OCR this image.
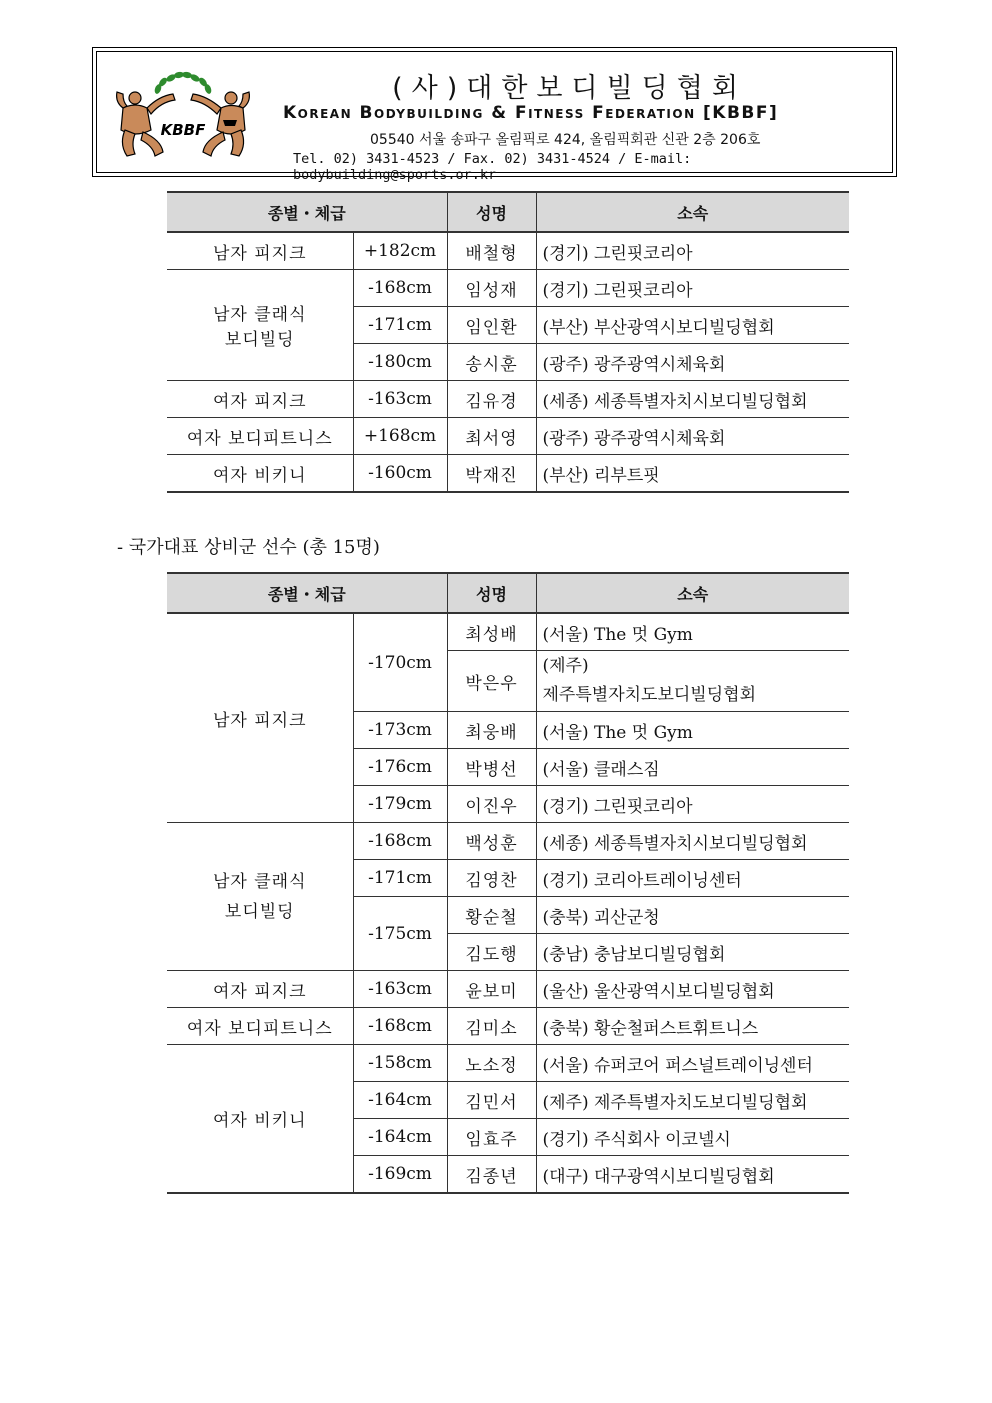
KBBF
(사)대한보디빌딩협회
Korean Bodybuilding & Fitness Federation [KBBF]
05540 서울 송파구 올림픽로 424, 올림픽회관 신관 2층 206호
Tel. 02) 3431-4523 / Fax. 02) 3431-4524 / E-mail: bodybuilding@sports.or.kr
종별・체급		성명	소속
남자 피지크	+182cm	배철형	(경기) 그린핏코리아

남자 클래식
보디빌딩	-168cm	임성재	(경기) 그린핏코리아
	-171cm	임인환	(부산) 부산광역시보디빌딩협회
	-180cm	송시훈	(광주) 광주광역시체육회
여자 피지크	-163cm	김유경	(세종) 세종특별자치시보디빌딩협회
여자 보디피트니스	+168cm	최서영	(광주) 광주광역시체육회
여자 비키니	-160cm	박재진	(부산) 리부트핏
- 국가대표 상비군 선수 (총 15명)
종별・체급		성명	소속
남자 피지크	-170cm	최성배	(서울) The 멋 Gym
		박은우	(제주)
제주특별자치도보디빌딩협회

	-173cm	최웅배	(서울) The 멋 Gym
	-176cm	박병선	(서울) 클래스짐
	-179cm	이진우	(경기) 그린핏코리아

남자 클래식
보디빌딩	-168cm	백성훈	(세종) 세종특별자치시보디빌딩협회
	-171cm	김영찬	(경기) 코리아트레이닝센터
	-175cm	황순철	(충북) 괴산군청
		김도행	(충남) 충남보디빌딩협회
여자 피지크	-163cm	윤보미	(울산) 울산광역시보디빌딩협회
여자 보디피트니스	-168cm	김미소	(충북) 황순철퍼스트휘트니스
여자 비키니	-158cm	노소정	(서울) 슈퍼코어 퍼스널트레이닝센터
	-164cm	김민서	(제주) 제주특별자치도보디빌딩협회
	-164cm	임효주	(경기) 주식회사 이코넬시
	-169cm	김종년	(대구) 대구광역시보디빌딩협회
